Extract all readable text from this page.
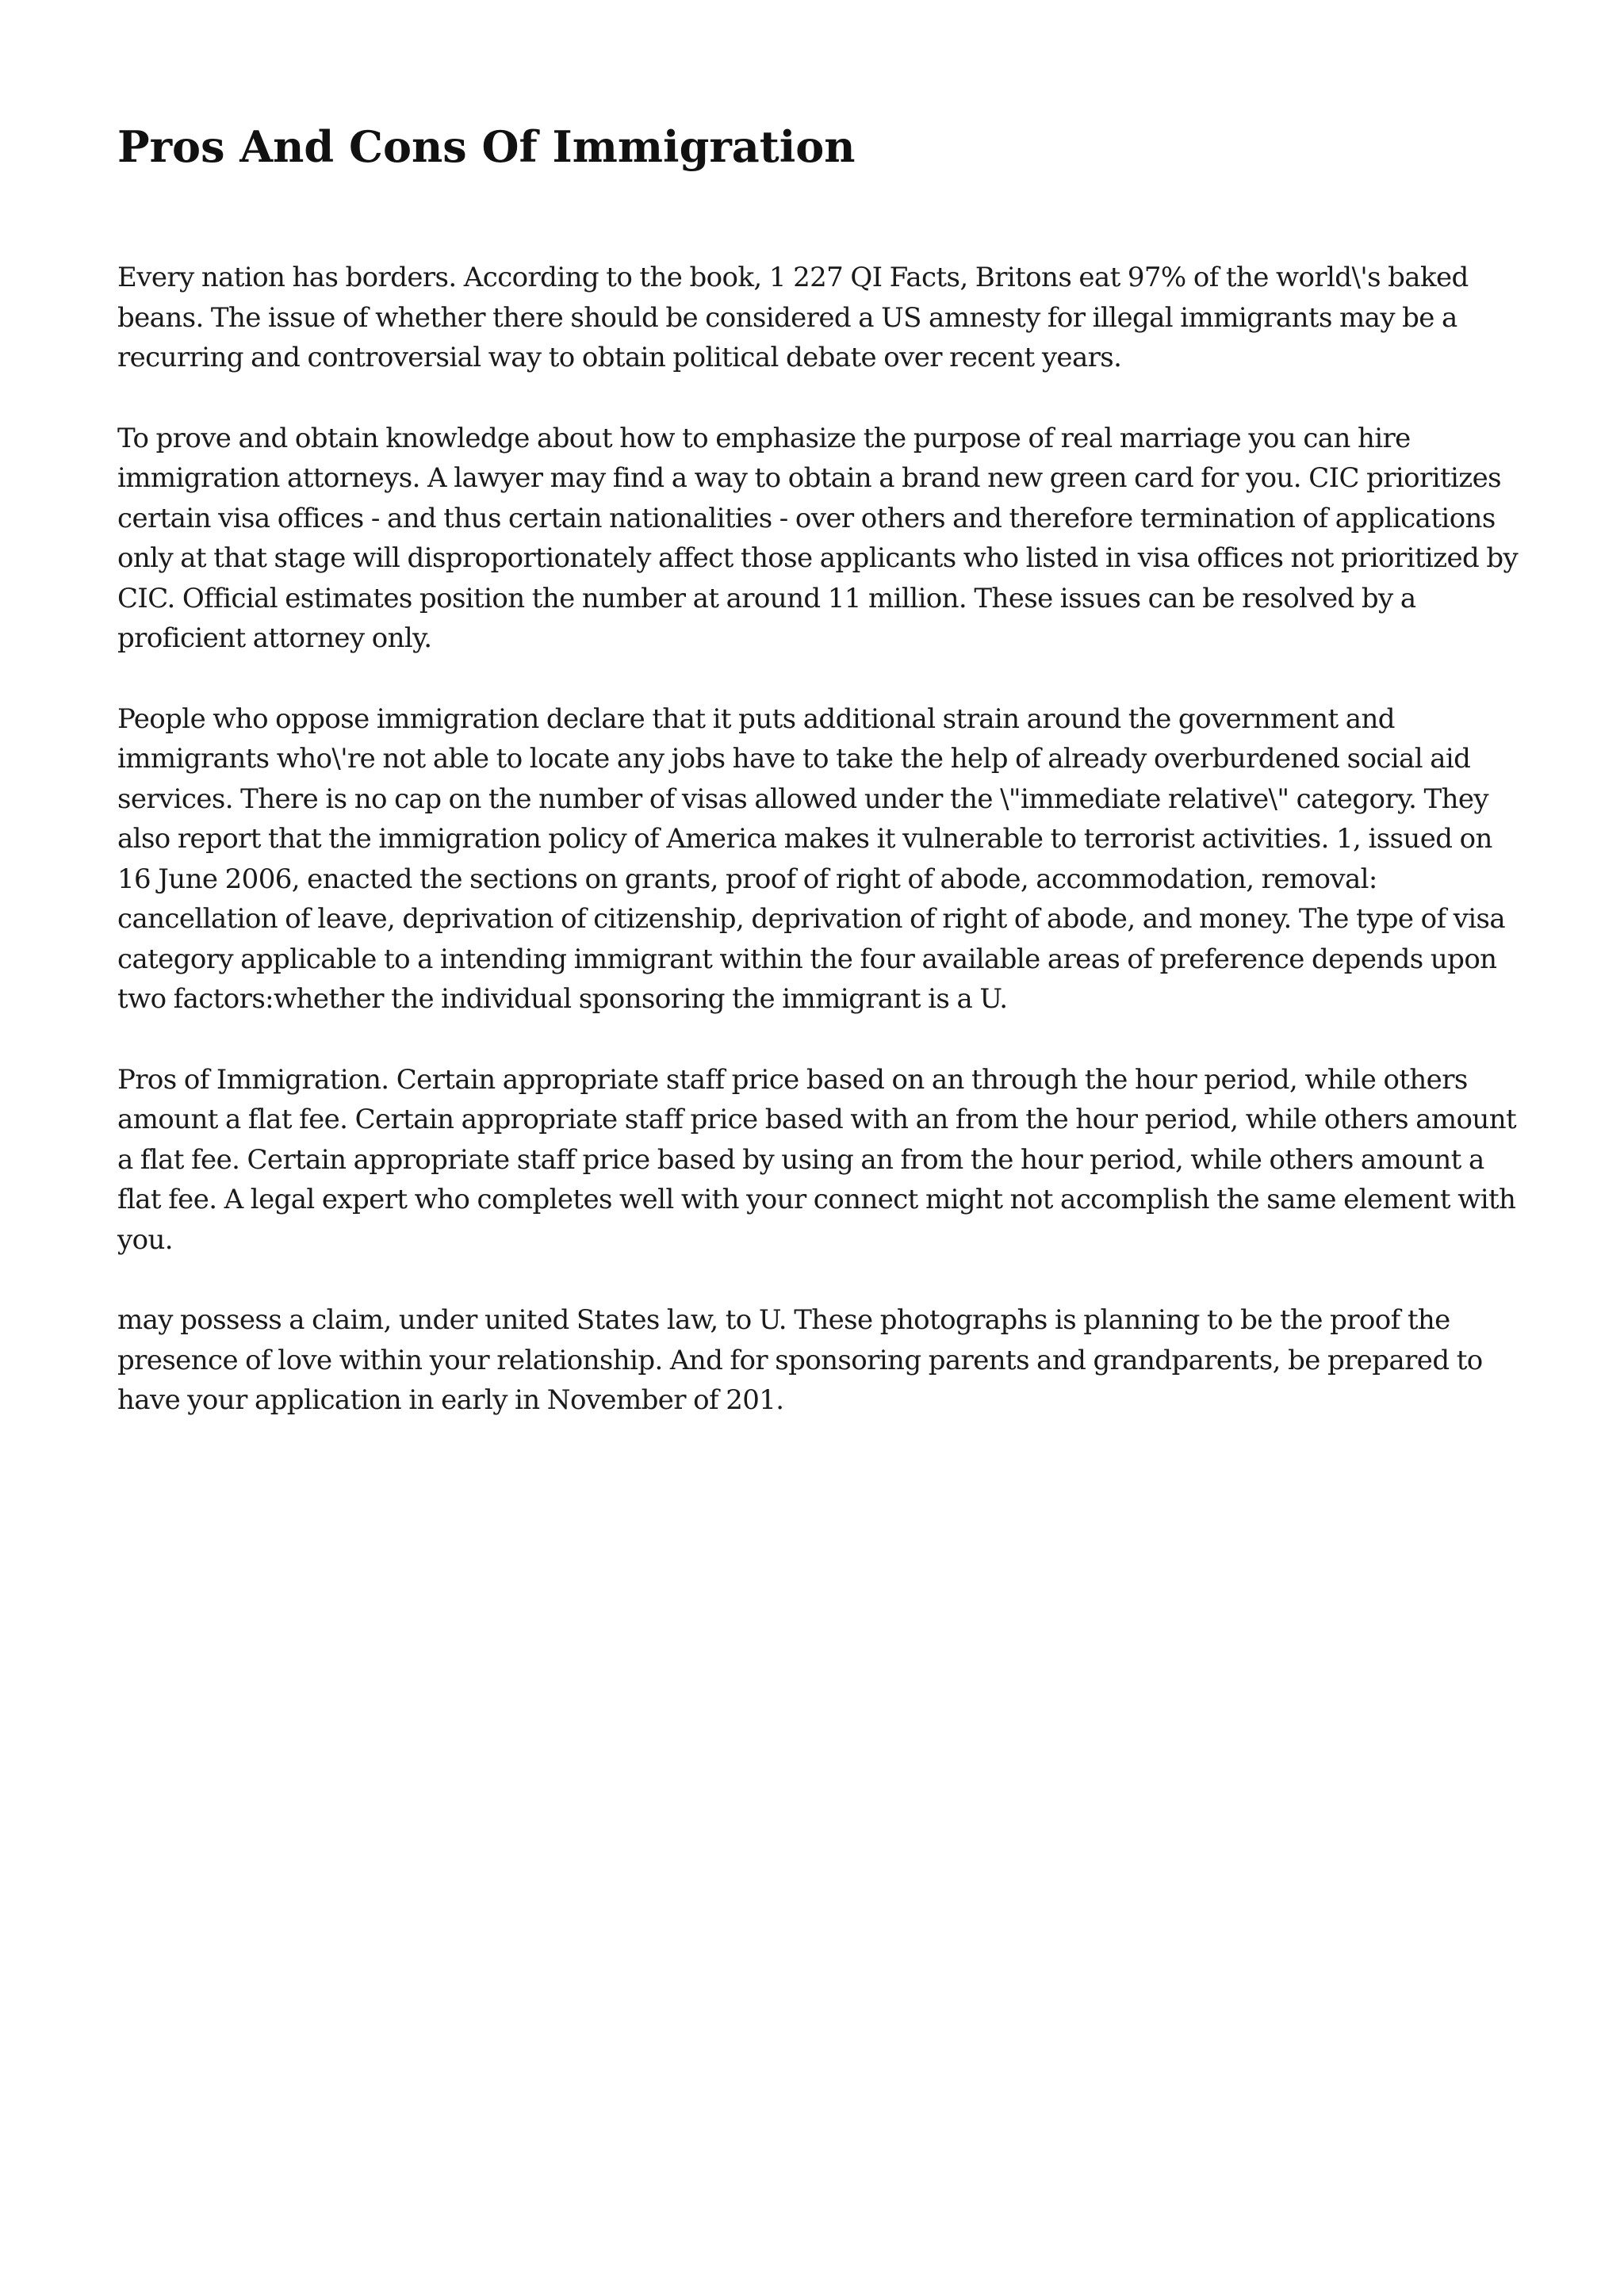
Pros And Cons Of Immigration

Every nation has borders. According to the book, 1 227 QI Facts, Britons eat 97% of the world\'s baked beans. The issue of whether there should be considered a US amnesty for illegal immigrants may be a recurring and controversial way to obtain political debate over recent years.

To prove and obtain knowledge about how to emphasize the purpose of real marriage you can hire immigration attorneys. A lawyer may find a way to obtain a brand new green card for you. CIC prioritizes certain visa offices - and thus certain nationalities - over others and therefore termination of applications only at that stage will disproportionately affect those applicants who listed in visa offices not prioritized by CIC. Official estimates position the number at around 11 million. These issues can be resolved by a proficient attorney only.

People who oppose immigration declare that it puts additional strain around the government and immigrants who\'re not able to locate any jobs have to take the help of already overburdened social aid services. There is no cap on the number of visas allowed under the \"immediate relative\" category. They also report that the immigration policy of America makes it vulnerable to terrorist activities. 1, issued on 16 June 2006, enacted the sections on grants, proof of right of abode, accommodation, removal: cancellation of leave, deprivation of citizenship, deprivation of right of abode, and money. The type of visa category applicable to a intending immigrant within the four available areas of preference depends upon two factors:whether the individual sponsoring the immigrant is a U.

Pros of Immigration. Certain appropriate staff price based on an through the hour period, while others amount a flat fee. Certain appropriate staff price based with an from the hour period, while others amount a flat fee. Certain appropriate staff price based by using an from the hour period, while others amount a flat fee. A legal expert who completes well with your connect might not accomplish the same element with you.

may possess a claim, under united States law, to U. These photographs is planning to be the proof the presence of love within your relationship. And for sponsoring parents and grandparents, be prepared to have your application in early in November of 201.
